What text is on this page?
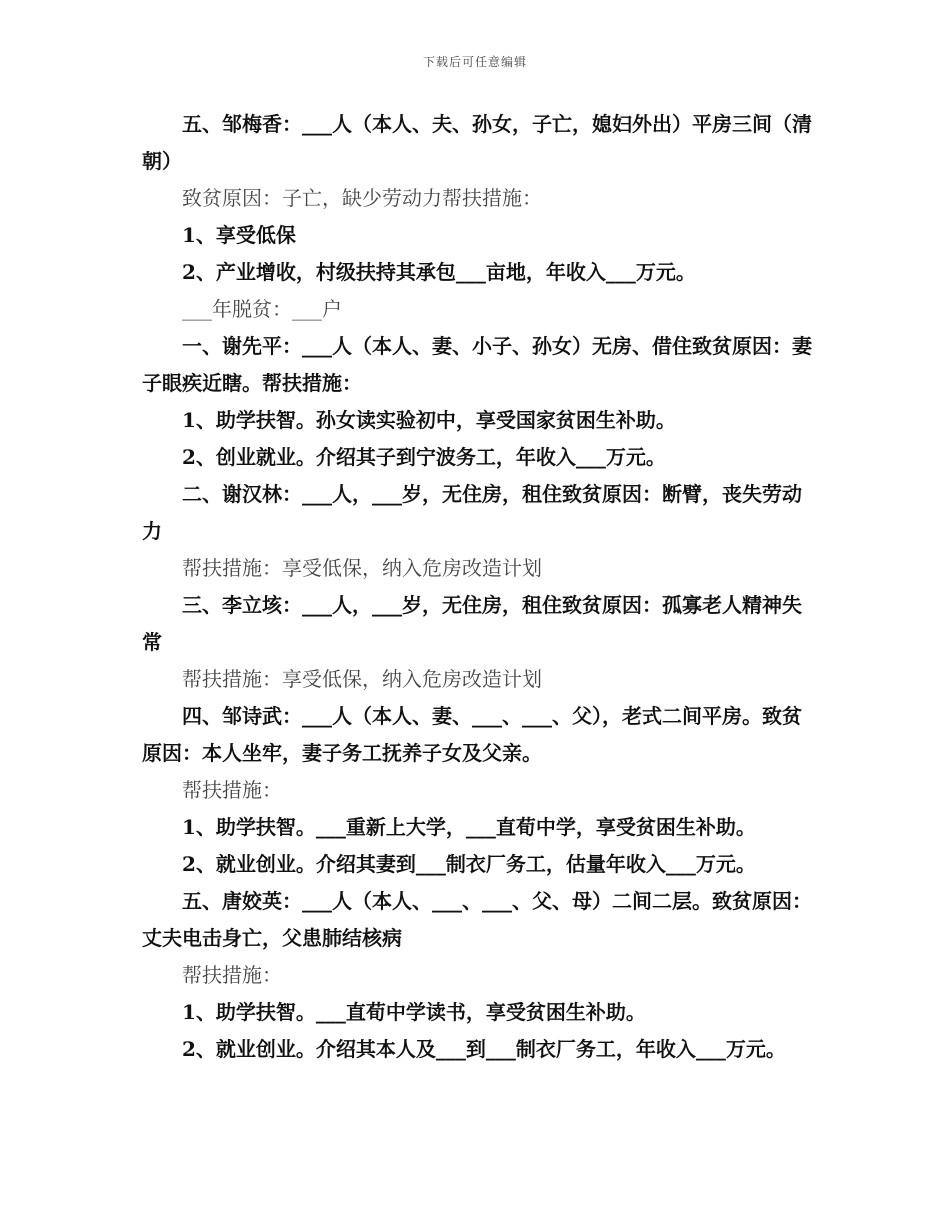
下载后可任意编辑

五、邹梅香：___人（本人、夫、孙女，子亡，媳妇外出）平房三间（清朝）

致贫原因：子亡，缺少劳动力帮扶措施：

1、享受低保

2、产业增收，村级扶持其承包___亩地，年收入___万元。

___年脱贫：___户

一、谢先平：___人（本人、妻、小子、孙女）无房、借住致贫原因：妻子眼疾近瞎。帮扶措施：

1、助学扶智。孙女读实验初中，享受国家贫困生补助。

2、创业就业。介绍其子到宁波务工，年收入___万元。

二、谢汉林：___人，___岁，无住房，租住致贫原因：断臂，丧失劳动力

帮扶措施：享受低保，纳入危房改造计划

三、李立垓：___人，___岁，无住房，租住致贫原因：孤寡老人精神失常

帮扶措施：享受低保，纳入危房改造计划

四、邹诗武：___人（本人、妻、___、___、父），老式二间平房。致贫原因：本人坐牢，妻子务工抚养子女及父亲。

帮扶措施：

1、助学扶智。___重新上大学，___直荀中学，享受贫困生补助。

2、就业创业。介绍其妻到___制衣厂务工，估量年收入___万元。

五、唐姣英：___人（本人、___、___、父、母）二间二层。致贫原因：丈夫电击身亡，父患肺结核病

帮扶措施：

1、助学扶智。___直荀中学读书，享受贫困生补助。

2、就业创业。介绍其本人及___到___制衣厂务工，年收入___万元。
